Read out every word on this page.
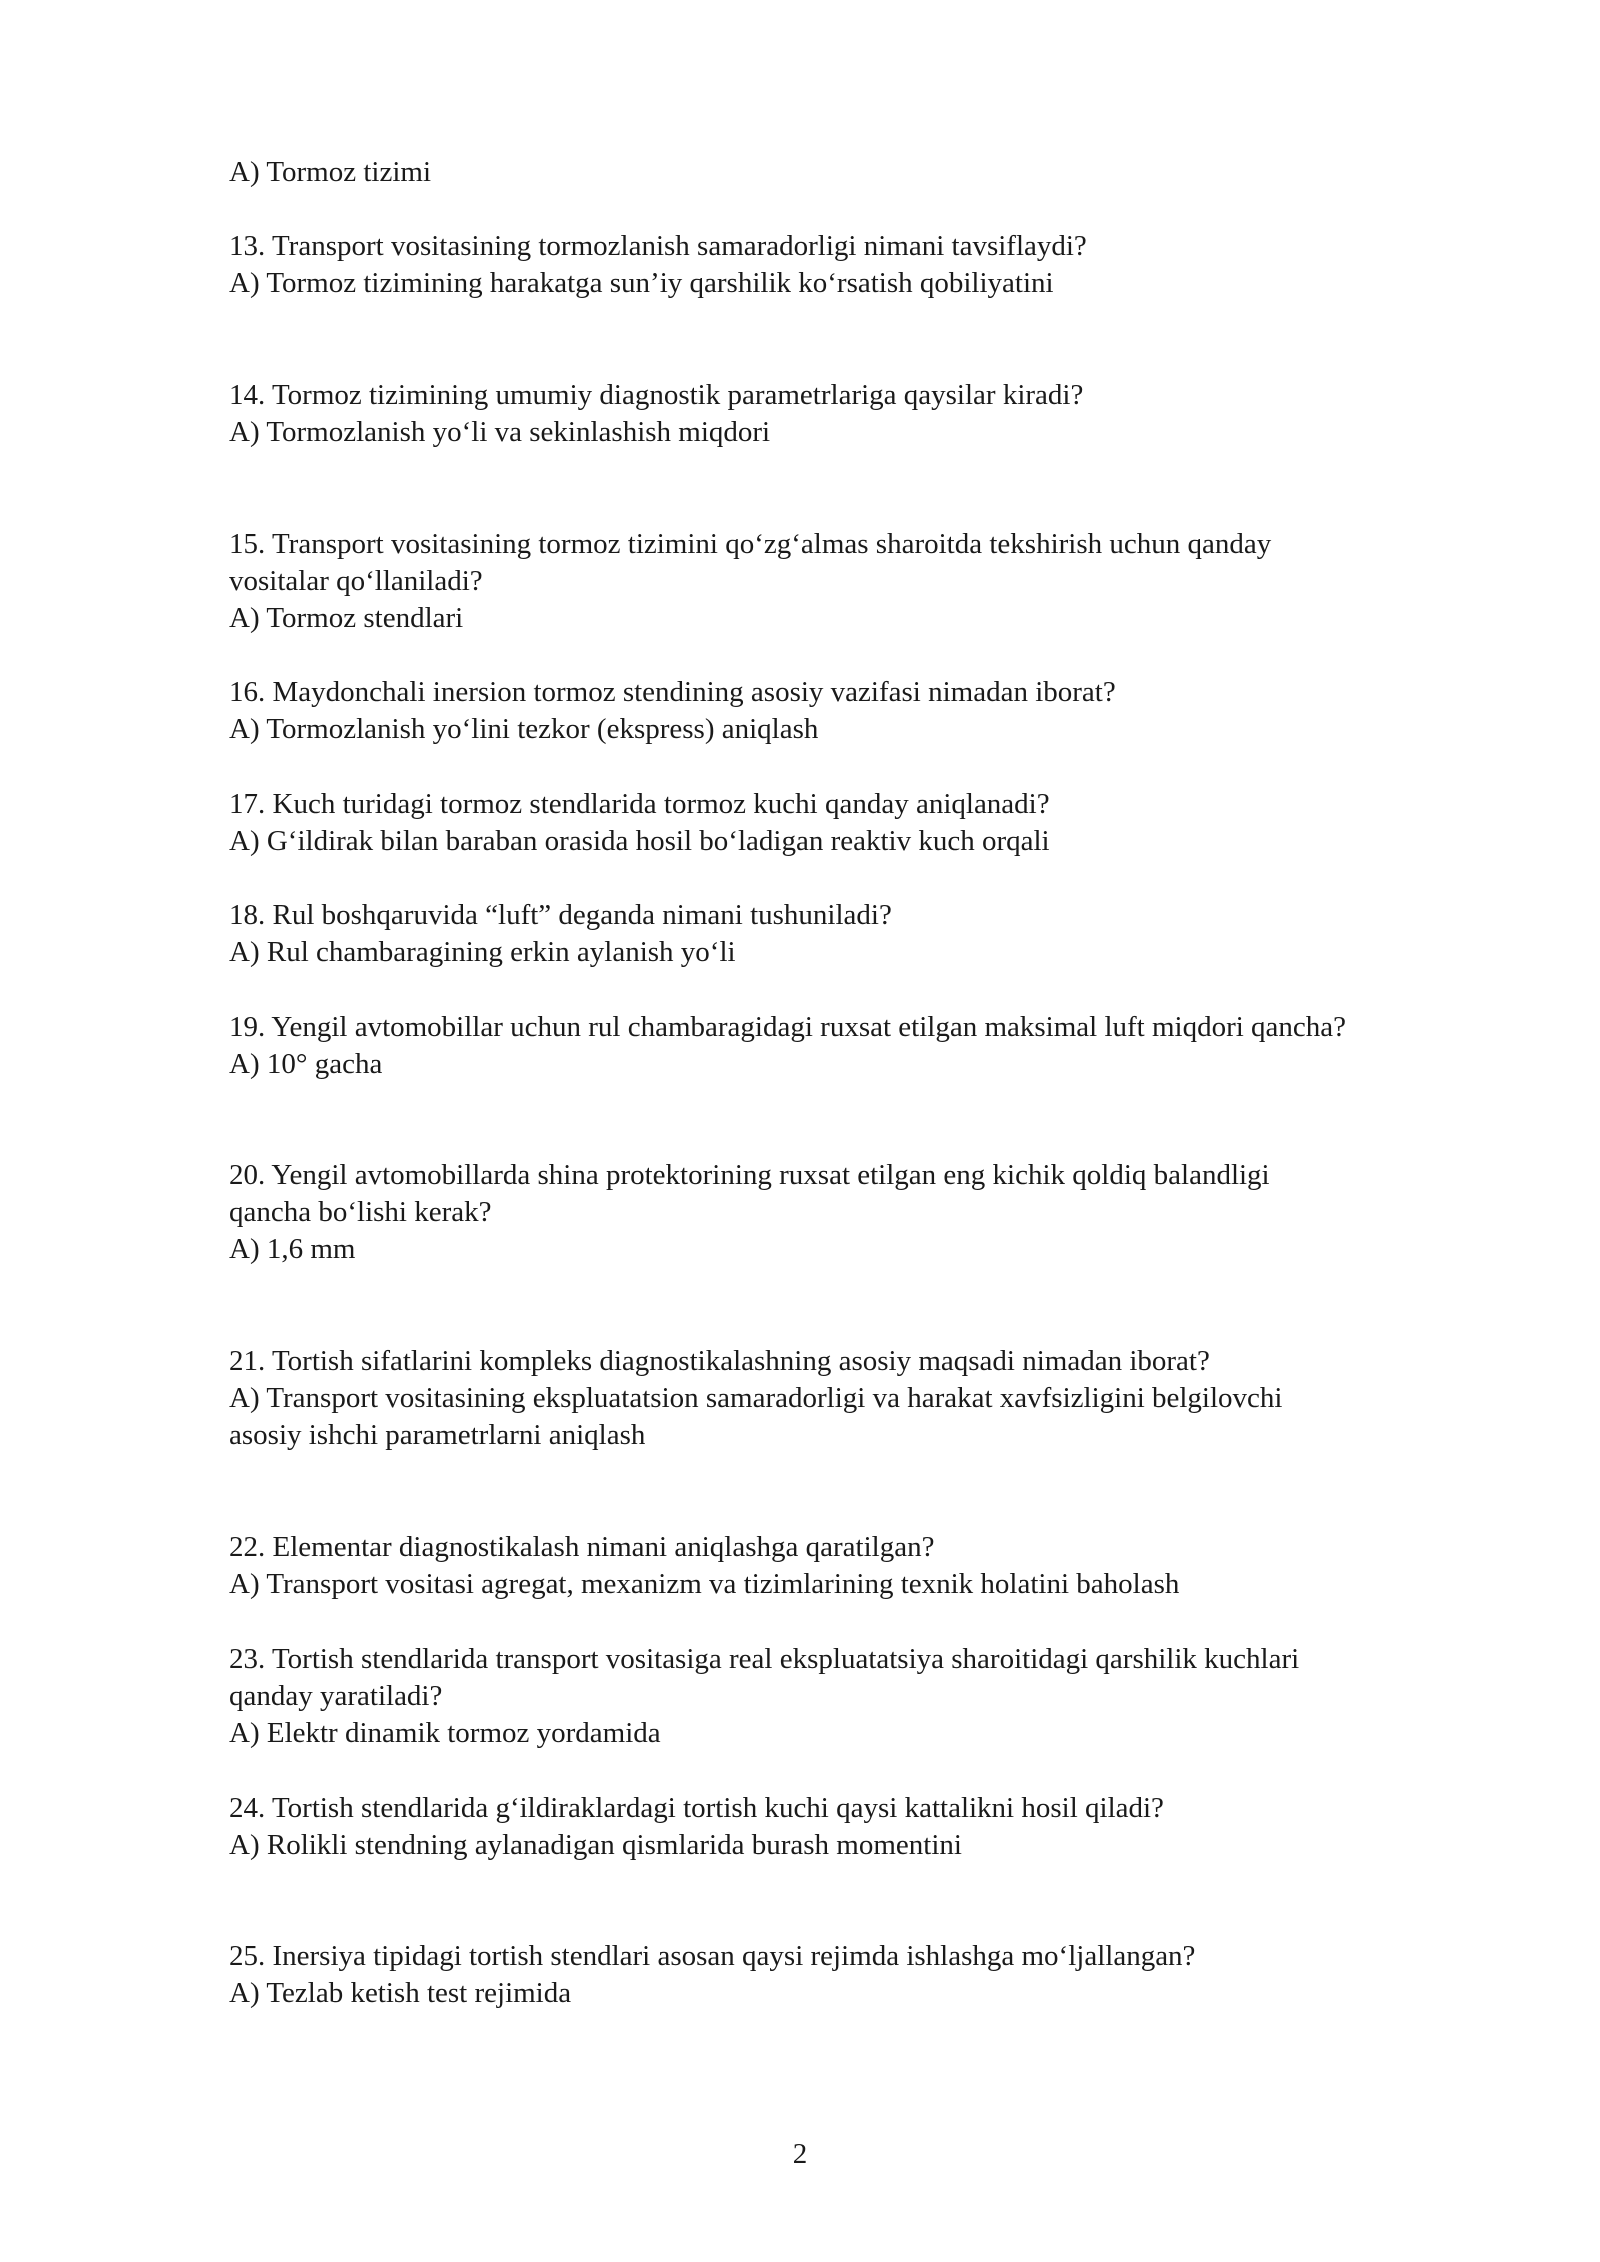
A) Tormoz tizimi
13. Transport vositasining tormozlanish samaradorligi nimani tavsiflaydi?
A) Tormoz tizimining harakatga sun’iy qarshilik ko‘rsatish qobiliyatini
14. Tormoz tizimining umumiy diagnostik parametrlariga qaysilar kiradi?
A) Tormozlanish yo‘li va sekinlashish miqdori
15. Transport vositasining tormoz tizimini qo‘zg‘almas sharoitda tekshirish uchun qanday
vositalar qo‘llaniladi?
A) Tormoz stendlari
16. Maydonchali inersion tormoz stendining asosiy vazifasi nimadan iborat?
A) Tormozlanish yo‘lini tezkor (ekspress) aniqlash
17. Kuch turidagi tormoz stendlarida tormoz kuchi qanday aniqlanadi?
A) G‘ildirak bilan baraban orasida hosil bo‘ladigan reaktiv kuch orqali
18. Rul boshqaruvida “luft” deganda nimani tushuniladi?
A) Rul chambaragining erkin aylanish yo‘li
19. Yengil avtomobillar uchun rul chambaragidagi ruxsat etilgan maksimal luft miqdori qancha?
A) 10° gacha
20. Yengil avtomobillarda shina protektorining ruxsat etilgan eng kichik qoldiq balandligi
qancha bo‘lishi kerak?
A) 1,6 mm
21. Tortish sifatlarini kompleks diagnostikalashning asosiy maqsadi nimadan iborat?
A) Transport vositasining ekspluatatsion samaradorligi va harakat xavfsizligini belgilovchi
asosiy ishchi parametrlarni aniqlash
22. Elementar diagnostikalash nimani aniqlashga qaratilgan?
A) Transport vositasi agregat, mexanizm va tizimlarining texnik holatini baholash
23. Tortish stendlarida transport vositasiga real ekspluatatsiya sharoitidagi qarshilik kuchlari
qanday yaratiladi?
A) Elektr dinamik tormoz yordamida
24. Tortish stendlarida g‘ildiraklardagi tortish kuchi qaysi kattalikni hosil qiladi?
A) Rolikli stendning aylanadigan qismlarida burash momentini
25. Inersiya tipidagi tortish stendlari asosan qaysi rejimda ishlashga mo‘ljallangan?
A) Tezlab ketish test rejimida
2
